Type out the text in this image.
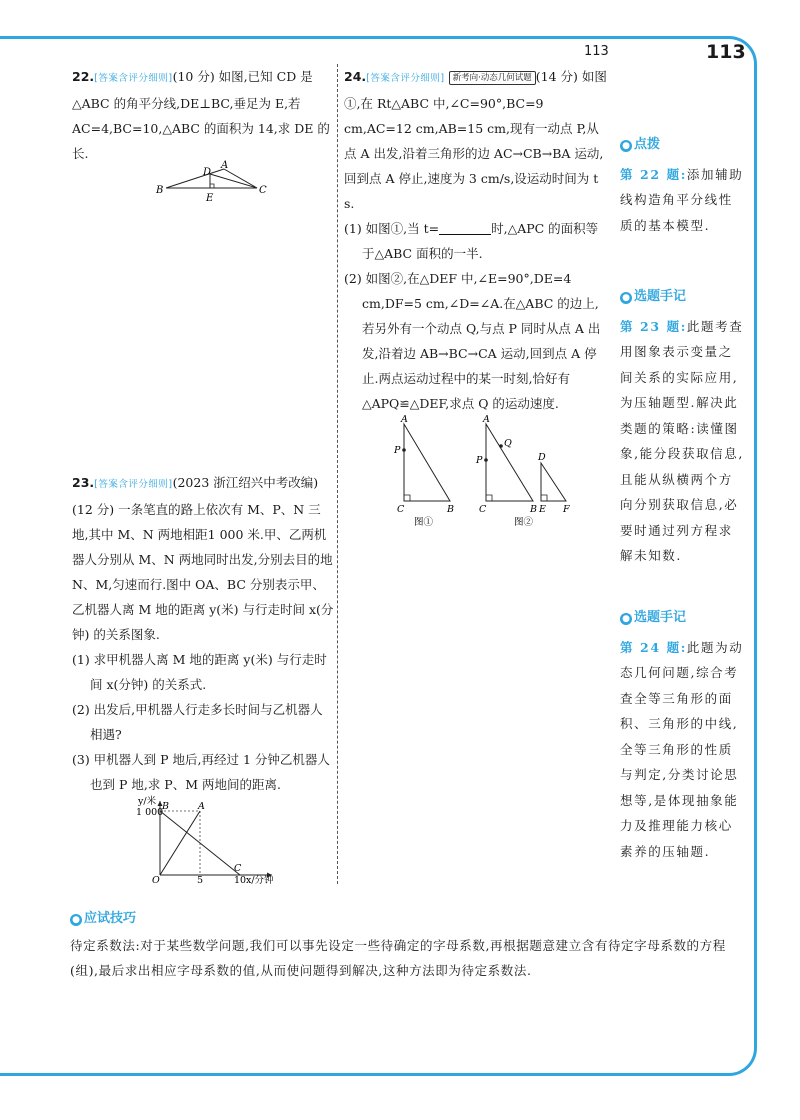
113	113

22.[答案含评分细则](10 分) 如图,已知 CD 是△ABC 的角平分线,DE⊥BC,垂足为 E,若 AC=4,BC=10,△ABC 的面积为 14,求 DE 的长.

B
D
A
C
E

23.[答案含评分细则](2023 浙江绍兴中考改编) (12 分) 一条笔直的路上依次有 M、P、N 三地,其中 M、N 两地相距1 000 米.甲、乙两机器人分别从 M、N 两地同时出发,分别去目的地 N、M,匀速而行.图中 OA、BC 分别表示甲、乙机器人离 M 地的距离 y(米) 与行走时间 x(分钟) 的关系图象.

(1) 求甲机器人离 M 地的距离 y(米) 与行走时间 x(分钟) 的关系式.

(2) 出发后,甲机器人行走多长时间与乙机器人相遇?

(3) 甲机器人到 P 地后,再经过 1 分钟乙机器人也到 P 地,求 P、M 两地间的距离.

y/米
1 000
B	A
C
O	5	10 x/分钟

24.[答案含评分细则] 新考向·动态几何试题 (14 分) 如图①,在 Rt△ABC 中,∠C=90°,BC=9 cm,AC=12 cm,AB=15 cm,现有一动点 P,从点 A 出发,沿着三角形的边 AC→CB→BA 运动,回到点 A 停止,速度为 3 cm/s,设运动时间为 t s.

(1) 如图①,当 t=	时,△APC 的面积等于△ABC 面积的一半.

(2) 如图②,在△DEF 中,∠E=90°,DE=4 cm,DF=5 cm,∠D=∠A.在△ABC 的边上,若另外有一个动点 Q,与点 P 同时从点 A 出发,沿着边 AB→BC→CA 运动,回到点 A 停止.两点运动过程中的某一时刻,恰好有△APQ≌△DEF,求点 Q 的运动速度.

A
P
C	B
图①
A
P
Q
C	B
D
E F
图②

● 点拨

第 22 题:添加辅助线构造角平分线性质的基本模型.

● 选题手记

第 23 题:此题考查用图象表示变量之间关系的实际应用,为压轴题型.解决此类题的策略:读懂图象,能分段获取信息,且能从纵横两个方向分别获取信息,必要时通过列方程求解未知数.

● 选题手记

第 24 题:此题为动态几何问题,综合考查全等三角形的面积、三角形的中线,全等三角形的性质与判定,分类讨论思想等,是体现抽象能力及推理能力核心素养的压轴题.

● 应试技巧

待定系数法:对于某些数学问题,我们可以事先设定一些待确定的字母系数,再根据题意建立含有待定字母系数的方程(组),最后求出相应字母系数的值,从而使问题得到解决,这种方法即为待定系数法.
